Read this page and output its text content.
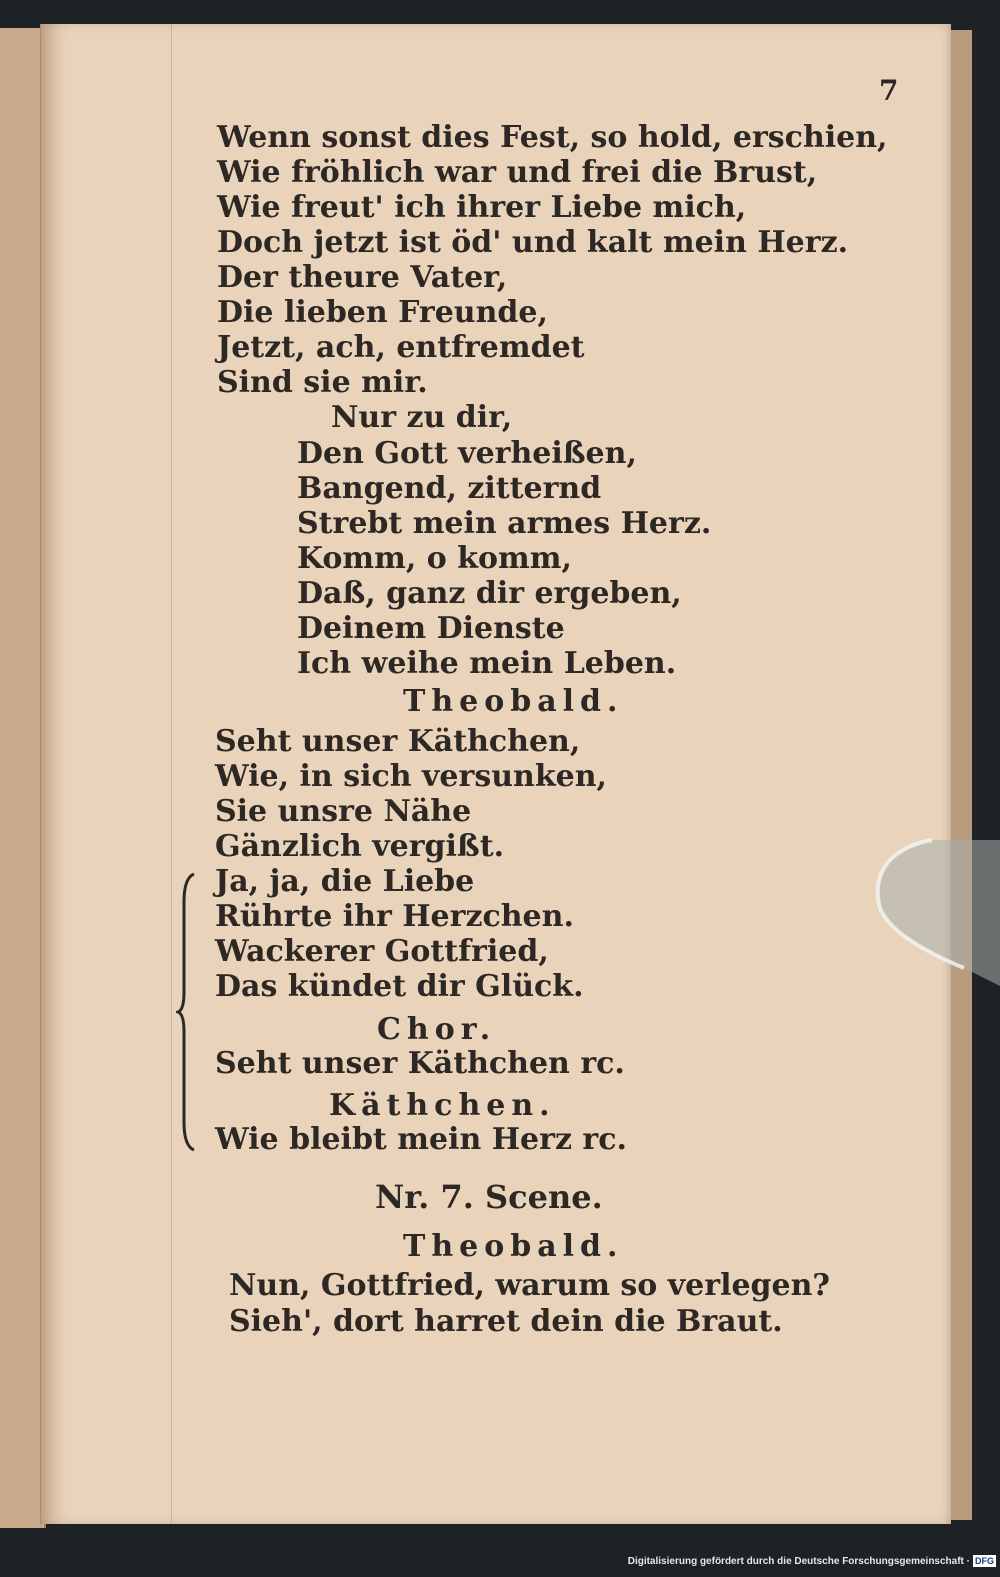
7
Wenn sonst dies Fest, so hold, erschien,
Wie fröhlich war und frei die Brust,
Wie freut' ich ihrer Liebe mich,
Doch jetzt ist öd' und kalt mein Herz.
Der theure Vater,
Die lieben Freunde,
Jetzt, ach, entfremdet
Sind sie mir.
Nur zu dir,
Den Gott verheißen,
Bangend, zitternd
Strebt mein armes Herz.
Komm, o komm,
Daß, ganz dir ergeben,
Deinem Dienste
Ich weihe mein Leben.
Theobald.
Seht unser Käthchen,
Wie, in sich versunken,
Sie unsre Nähe
Gänzlich vergißt.
Ja, ja, die Liebe
Rührte ihr Herzchen.
Wackerer Gottfried,
Das kündet dir Glück.
Chor.
Seht unser Käthchen rc.
Käthchen.
Wie bleibt mein Herz rc.
Nr. 7. Scene.
Theobald.
Nun, Gottfried, warum so verlegen?
Sieh', dort harret dein die Braut.
Digitalisierung gefördert durch die Deutsche Forschungsgemeinschaft · DFG
